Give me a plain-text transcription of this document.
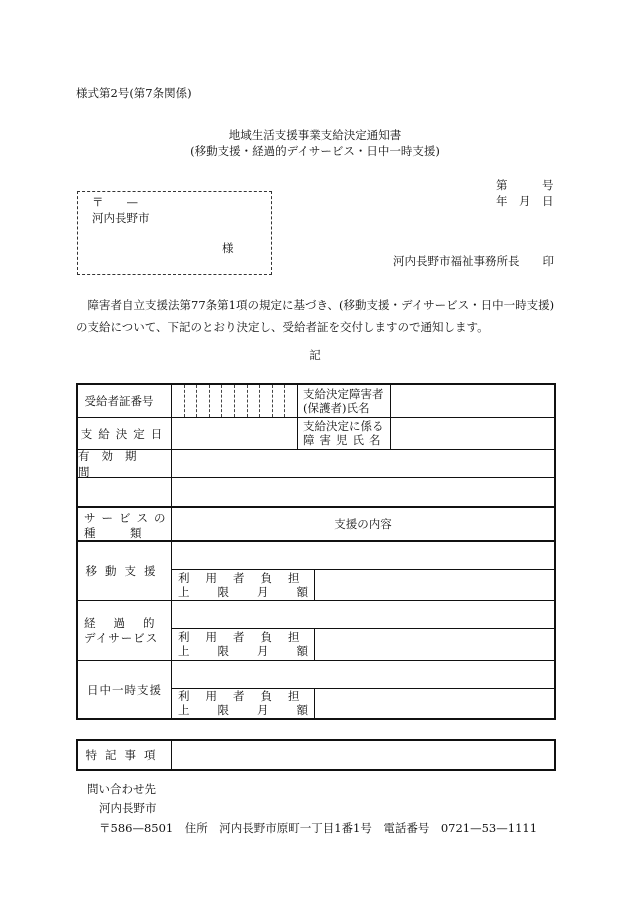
様式第2号(第7条関係)
地域生活支援事業支給決定通知書
(移動支援・経過的デイサービス・日中一時支援)
第　　　号
年　月　日
〒　　—
河内長野市
様
河内長野市福祉事務所長　　印
障害者自立支援法第77条第1項の規定に基づき、(移動支援・デイサービス・日中一時支援)の支給について、下記のとおり決定し、受給者証を交付しますので通知します。
記
受給者証番号	支給決定障害者
(保護者)氏名
支給決定日
支給決定に係る
障害児氏名
有効期間
サービスの
種　　　類
支援の内容
移動支援 利用者負担
上限月額
経過的
デイサービス 利用者負担
上限月額
日中一時支援 利用者負担
上限月額
特記事項
問い合わせ先
河内長野市
〒586—8501　住所　河内長野市原町一丁目1番1号　電話番号　0721—53—1111
